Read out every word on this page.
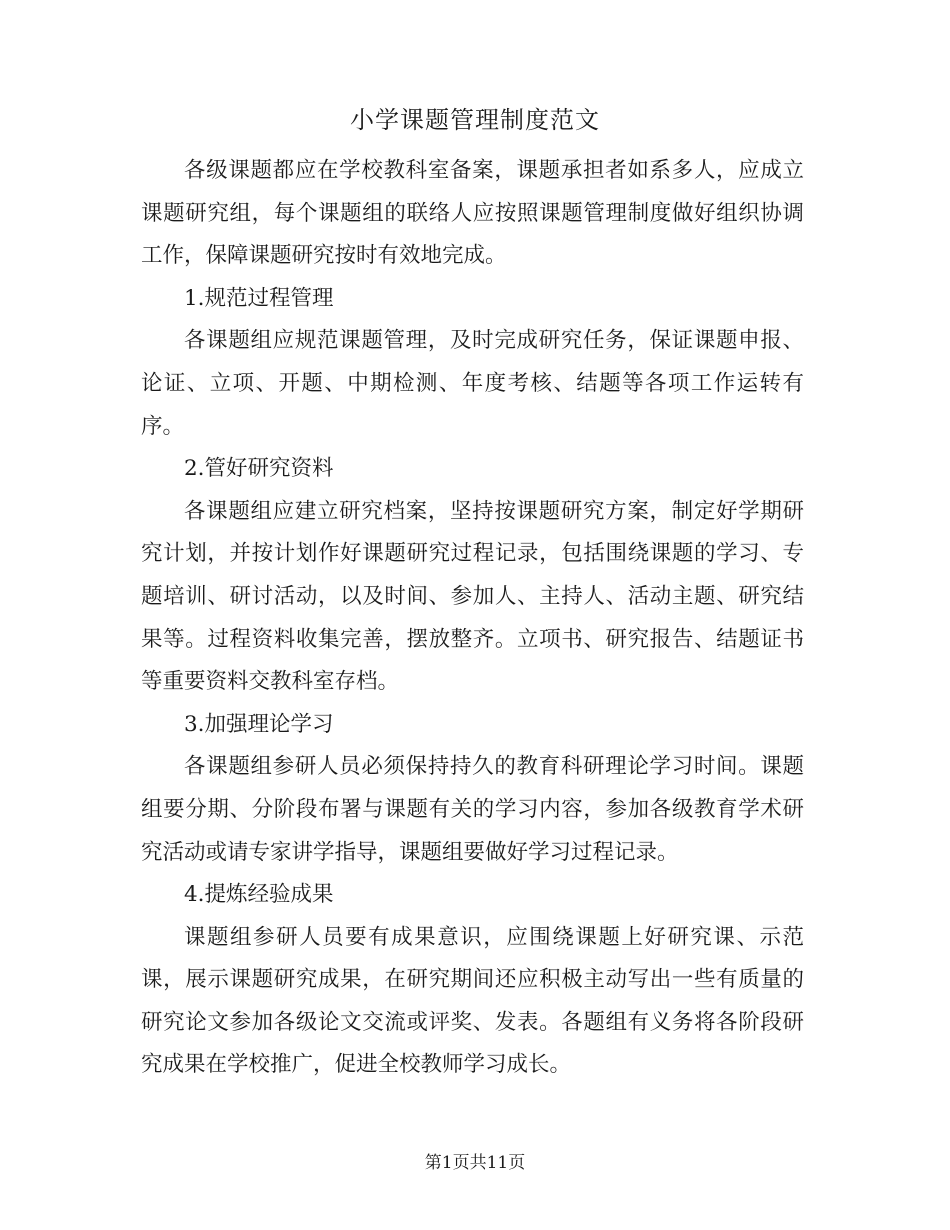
小学课题管理制度范文

各级课题都应在学校教科室备案，课题承担者如系多人，应成立课题研究组，每个课题组的联络人应按照课题管理制度做好组织协调工作，保障课题研究按时有效地完成。

1.规范过程管理

各课题组应规范课题管理，及时完成研究任务，保证课题申报、论证、立项、开题、中期检测、年度考核、结题等各项工作运转有序。

2.管好研究资料

各课题组应建立研究档案，坚持按课题研究方案，制定好学期研究计划，并按计划作好课题研究过程记录，包括围绕课题的学习、专题培训、研讨活动，以及时间、参加人、主持人、活动主题、研究结果等。过程资料收集完善，摆放整齐。立项书、研究报告、结题证书等重要资料交教科室存档。

3.加强理论学习

各课题组参研人员必须保持持久的教育科研理论学习时间。课题组要分期、分阶段布署与课题有关的学习内容，参加各级教育学术研究活动或请专家讲学指导，课题组要做好学习过程记录。

4.提炼经验成果

课题组参研人员要有成果意识，应围绕课题上好研究课、示范课，展示课题研究成果，在研究期间还应积极主动写出一些有质量的研究论文参加各级论文交流或评奖、发表。各题组有义务将各阶段研究成果在学校推广，促进全校教师学习成长。

第1页共11页
